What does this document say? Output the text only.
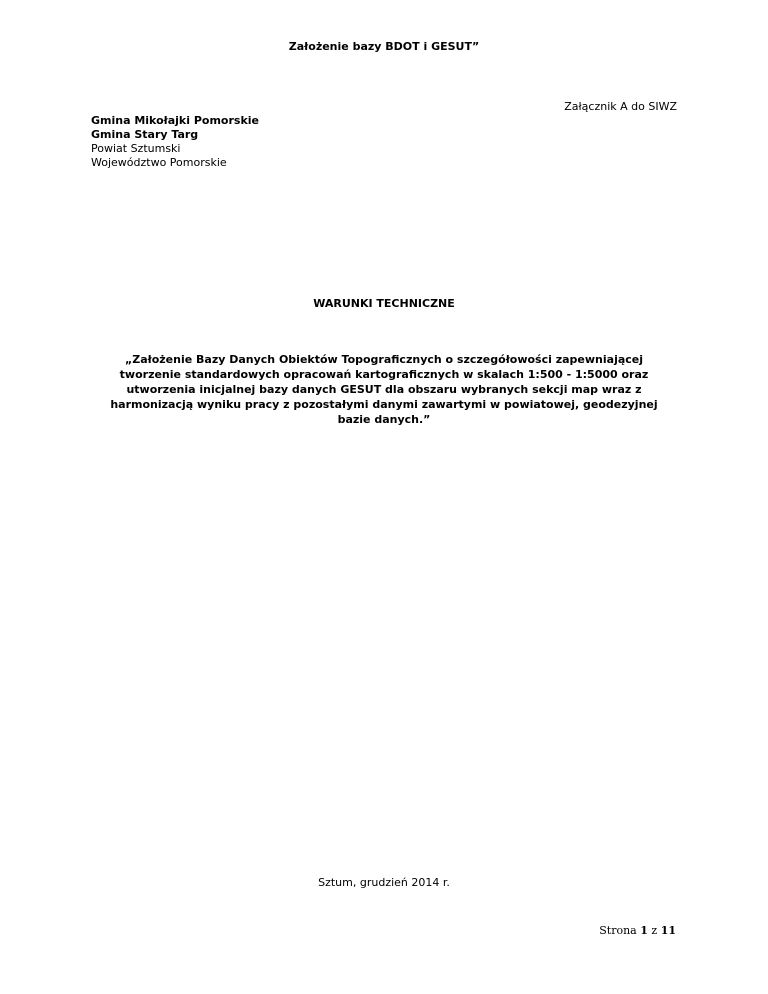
Założenie bazy BDOT i GESUT”
Załącznik A do SIWZ
Gmina Mikołajki Pomorskie
Gmina Stary Targ
Powiat Sztumski
Województwo Pomorskie
WARUNKI TECHNICZNE
„Założenie Bazy Danych Obiektów Topograficznych o szczegółowości zapewniającej
tworzenie standardowych opracowań kartograficznych w skalach 1:500 - 1:5000 oraz
utworzenia inicjalnej bazy danych GESUT dla obszaru wybranych sekcji map wraz z
harmonizacją wyniku pracy z pozostałymi danymi zawartymi w powiatowej, geodezyjnej
bazie danych.”
Sztum, grudzień 2014 r.
Strona 1 z 11
